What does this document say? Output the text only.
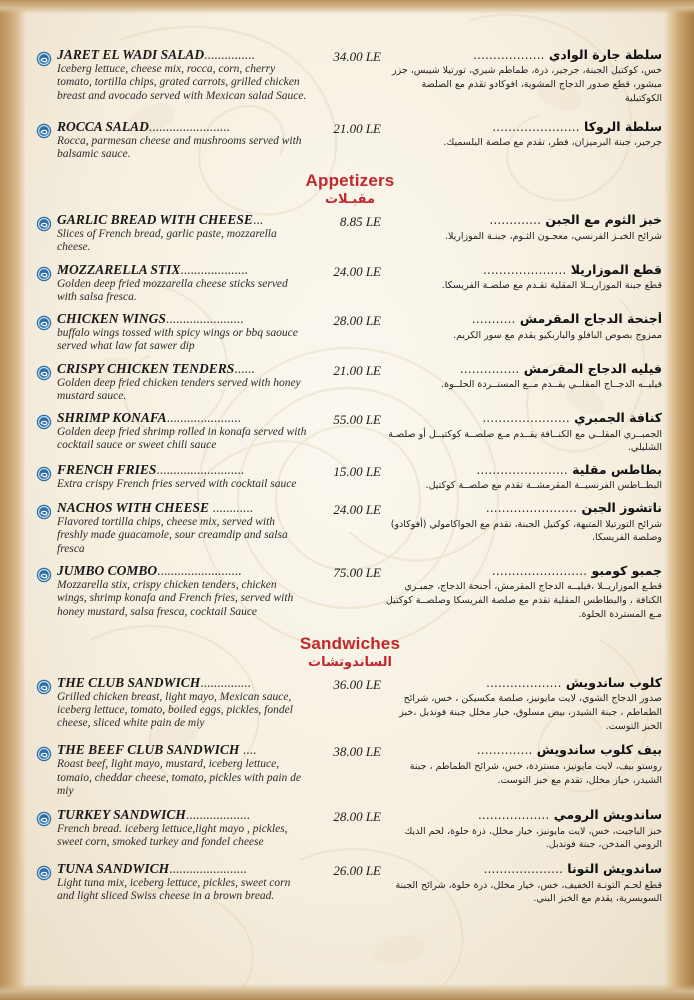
JARET EL WADI SALAD...............
Iceberg lettuce, cheese mix, rocca, corn, cherry tomato, tortilla chips, grated carrots, grilled chicken breast and avocado served with Mexican salad Sauce.
34.00 LE	سلطة جارة الوادي ..................
خس، كوكتيل الجبنة، جرجير، ذرة، طماطم شيري، تورتيلا شيبس، جزر مبشور، قطع صدور الدجاج المشوية، افوكادو تقدم مع الصلصة الكوكتيلية
ROCCA SALAD........................
Rocca, parmesan cheese and mushrooms served with balsamic sauce.
21.00 LE	سلطة الروكا ......................
جرجير، جبنة البرميزان، فطر، تقدم مع صلصة البلسميك.
Appetizers
مقبـلات
GARLIC BREAD WITH CHEESE...
Slices of French bread, garlic paste, mozzarella cheese.
8.85 LE	خبز الثوم مع الجبن .............
شرائح الخبـز الفرنسي، معجـون الثـوم، جبنـة الموزاريلا.
MOZZARELLA STIX....................
Golden deep fried mozzarella cheese sticks served with salsa fresca.
24.00 LE	قطع الموزاريلا .....................
قطع جبنة الموزاريــلا المقلية تقـدم مع صلصـة الفريسكا.
CHICKEN WINGS.......................
buffalo wings tossed with spicy wings or bbq saouce served what law fat sawer dip
28.00 LE	أجنحة الدجاج المقرمش ...........
ممزوج بصوص البافلو والباربكيو يقدم مع سور الكريم.
CRISPY CHICKEN TENDERS......
Golden deep fried chicken tenders served with honey mustard sauce.
21.00 LE	فيليه الدجاج المقرمش ...............
فيليــه الدجــاج المقلــي يقــدم مــع المستــردة الحلــوة.
SHRIMP KONAFA......................
Golden deep fried shrimp rolled in konafa served with cocktail sauce or sweet chili sauce
55.00 LE	كنافة الجمبري ......................
الجمبــري المقلــي مع الكنــافة يقــدم مـع صلصــة كوكتيــل أو صلصـة الشليلي.
FRENCH FRIES..........................
Extra crispy French fries served with cocktail sauce
15.00 LE	بطاطس مقلية .......................
البطــاطس الفرنسيــة المقرمشــة تقدم مع صلصــة كوكتيل.
NACHOS WITH CHEESE ............
Flavored tortilla chips, cheese mix, served with freshly made guacamole, sour creamdip and salsa fresca
24.00 LE	ناتشوز الجبن .......................
شرائح التورتيلا المتبهة، كوكتيل الجبنة، تقدم مع الجواكامولي (أفوكادو) وصلصة الفريسكا.
JUMBO COMBO.........................
Mozzarella stix, crispy chicken tenders, chicken wings, shrimp konafa and French fries, served with honey mustard, salsa fresca, cocktail Sauce
75.00 LE	جمبو كومبو ........................
قطـع الموزاريــلا ،فيليــه الدجاج المقرمش، أجنحة الدجاج، جمبـري الكنافة ، والبطاطس المقلية تقدم مع صلصة الفريسكا وصلصــة كوكتيل مـع المستردة الحلوة.
Sandwiches
الساندوتشات
THE CLUB SANDWICH...............
Grilled chicken breast, light mayo, Mexican sauce, iceberg lettuce, tomato, boiled eggs, pickles, fondel cheese, sliced white pain de miy
36.00 LE	كلوب ساندويش ...................
صدور الدجاج الشوي، لايت مايونيز، صلصة مكسيكن ، خس، شرائح الطماطم ، جبنة الشيدر، بيض مسلوق، خيار مخلل جبنة فوندبل ،خبز الخبز التوست.
THE BEEF CLUB SANDWICH ....
Roast beef, light mayo, mustard, iceberg lettuce, tomaio, cheddar cheese, tomato, pickles with pain de miy
38.00 LE	بيف كلوب ساندويش ..............
روستو بيف، لايت مايونيز، مستردة، خس، شرائح الطماطم ، جبنة الشيدر، خيار مخلل، تقدم مع خبز التوست.
TURKEY SANDWICH...................
French bread. iceberg lettuce,light mayo , pickles, sweet corn, smoked turkey and fondel cheese
28.00 LE	ساندويش الرومي ..................
خبز الباجيت، خس، لايت مايونيز، خيار مخلل، ذرة حلوة، لحم الديك الرومي المدخن، جبنة فوندبل.
TUNA SANDWICH.......................
Light tuna mix, iceberg lettuce, pickles, sweet corn and light sliced Swiss cheese in a brown bread.
26.00 LE	ساندويش التونا ....................
قطع لحـم التونـة الخفيف، خس، خيار مخلل، ذرة حلوة، شرائح الجبنة السويسرية، يقدم مع الخبز البني.
